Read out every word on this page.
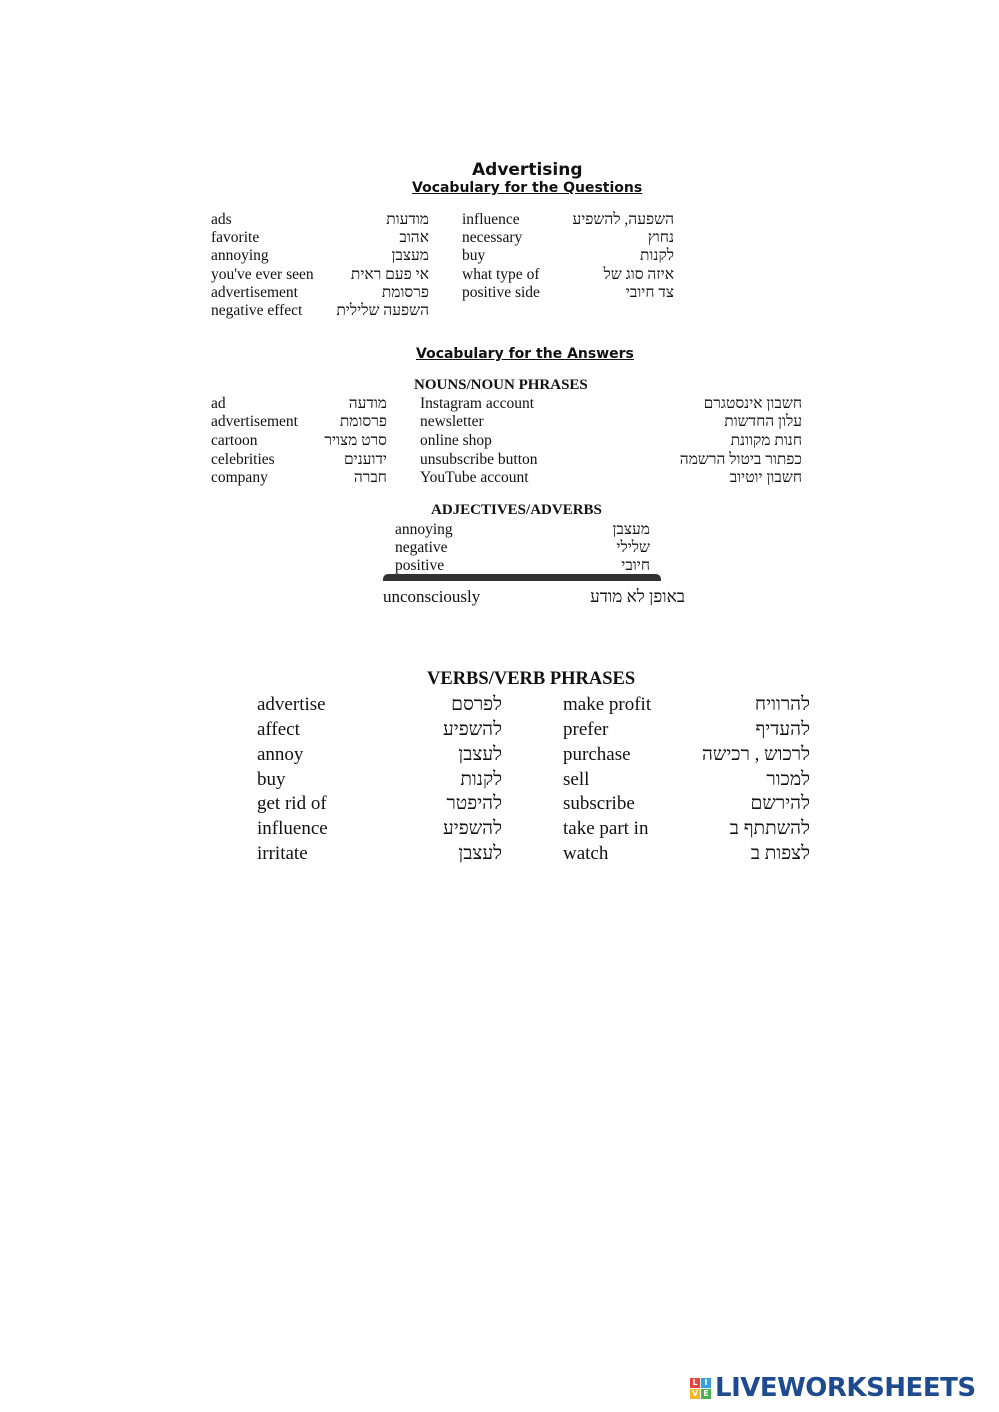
Advertising
Vocabulary for the Questions
ads	מודעות
favorite	אהוב
annoying	מעצבן
you've ever seen אי פעם ראית
advertisement	פרסומת
negative effect השפעה שלילית
influence	השפעה, להשפיע
necessary	נחוץ
buy	לקנות
what type of	איזה סוג של
positive side	צד חיובי
Vocabulary for the Answers
NOUNS/NOUN PHRASES
ad	מודעה
advertisement	פרסומת
cartoon	סרט מצויר
celebrities	ידוענים
company	חברה
Instagram account	חשבון אינסטגרם
newsletter	עלון החדשות
online shop	חנות מקוונת
unsubscribe button	כפתור ביטול הרשמה
YouTube account	חשבון יוטיוב
ADJECTIVES/ADVERBS
annoying	מעצבן
negative	שלילי
positive	חיובי
unconsciously	באופן לא מודע
VERBS/VERB PHRASES
advertise	לפרסם
affect	להשפיע
annoy	לעצבן
buy	לקנות
get rid of	להיפטר
influence	להשפיע
irritate	לעצבן
make profit	להרוויח
prefer	להעדיף
purchase	לרכוש , רכישה
sell	למכור
subscribe	להירשם
take part in	להשתתף ב
watch	לצפות ב
L I
V E LIVEWORKSHEETS
